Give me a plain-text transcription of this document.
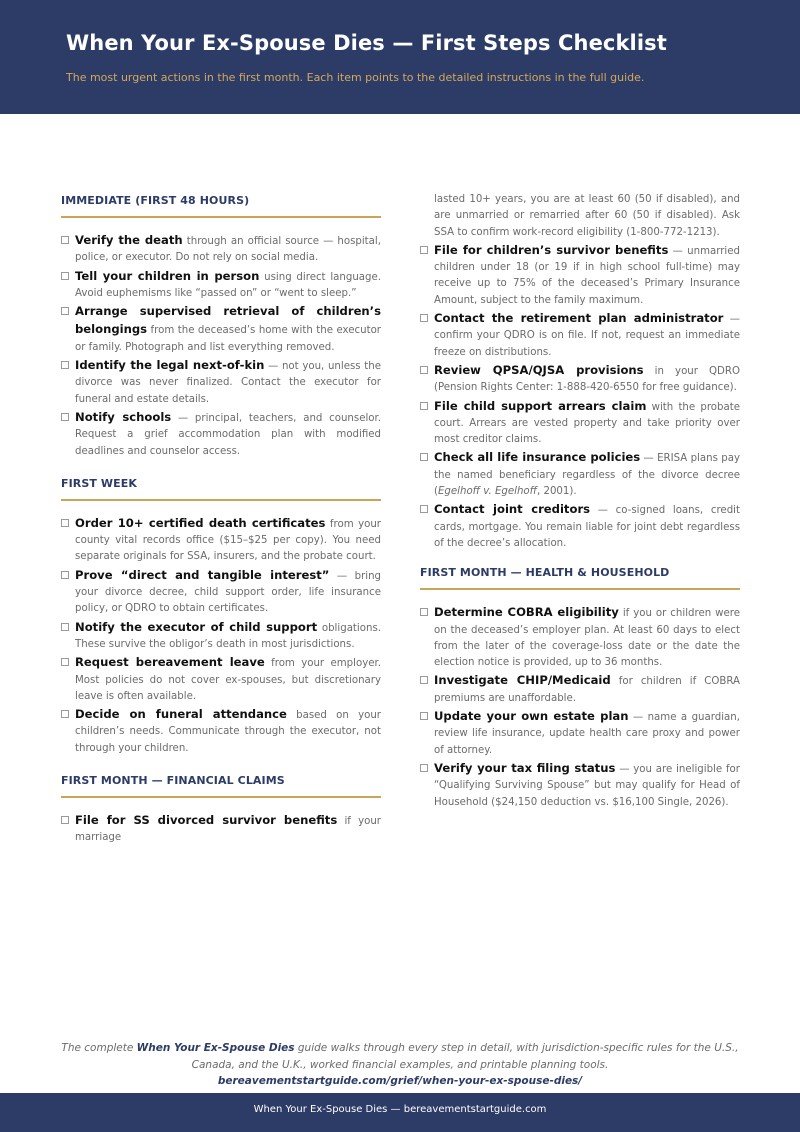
When Your Ex-Spouse Dies — First Steps Checklist
The most urgent actions in the first month. Each item points to the detailed instructions in the full guide.
IMMEDIATE (FIRST 48 HOURS)
Verify the death through an official source — hospital, police, or executor. Do not rely on social media.
Tell your children in person using direct language. Avoid euphemisms like “passed on” or “went to sleep.”
Arrange supervised retrieval of children’s belongings from the deceased’s home with the executor or family. Photograph and list everything removed.
Identify the legal next-of-kin — not you, unless the divorce was never finalized. Contact the executor for funeral and estate details.
Notify schools — principal, teachers, and counselor. Request a grief accommodation plan with modified deadlines and counselor access.
FIRST WEEK
Order 10+ certified death certificates from your county vital records office ($15–$25 per copy). You need separate originals for SSA, insurers, and the probate court.
Prove “direct and tangible interest” — bring your divorce decree, child support order, life insurance policy, or QDRO to obtain certificates.
Notify the executor of child support obligations. These survive the obligor’s death in most jurisdictions.
Request bereavement leave from your employer. Most policies do not cover ex-spouses, but discretionary leave is often available.
Decide on funeral attendance based on your children’s needs. Communicate through the executor, not through your children.
FIRST MONTH — FINANCIAL CLAIMS
File for SS divorced survivor benefits if your marriage
lasted 10+ years, you are at least 60 (50 if disabled), and are unmarried or remarried after 60 (50 if disabled). Ask SSA to confirm work-record eligibility (1-800-772-1213).
File for children’s survivor benefits — unmarried children under 18 (or 19 if in high school full-time) may receive up to 75% of the deceased’s Primary Insurance Amount, subject to the family maximum.
Contact the retirement plan administrator — confirm your QDRO is on file. If not, request an immediate freeze on distributions.
Review QPSA/QJSA provisions in your QDRO (Pension Rights Center: 1-888-420-6550 for free guidance).
File child support arrears claim with the probate court. Arrears are vested property and take priority over most creditor claims.
Check all life insurance policies — ERISA plans pay the named beneficiary regardless of the divorce decree (Egelhoff v. Egelhoff, 2001).
Contact joint creditors — co-signed loans, credit cards, mortgage. You remain liable for joint debt regardless of the decree’s allocation.
FIRST MONTH — HEALTH & HOUSEHOLD
Determine COBRA eligibility if you or children were on the deceased’s employer plan. At least 60 days to elect from the later of the coverage-loss date or the date the election notice is provided, up to 36 months.
Investigate CHIP/Medicaid for children if COBRA premiums are unaffordable.
Update your own estate plan — name a guardian, review life insurance, update health care proxy and power of attorney.
Verify your tax filing status — you are ineligible for “Qualifying Surviving Spouse” but may qualify for Head of Household ($24,150 deduction vs. $16,100 Single, 2026).
The complete When Your Ex-Spouse Dies guide walks through every step in detail, with jurisdiction-specific rules for the U.S., Canada, and the U.K., worked financial examples, and printable planning tools.
bereavementstartguide.com/grief/when-your-ex-spouse-dies/
When Your Ex-Spouse Dies — bereavementstartguide.com
